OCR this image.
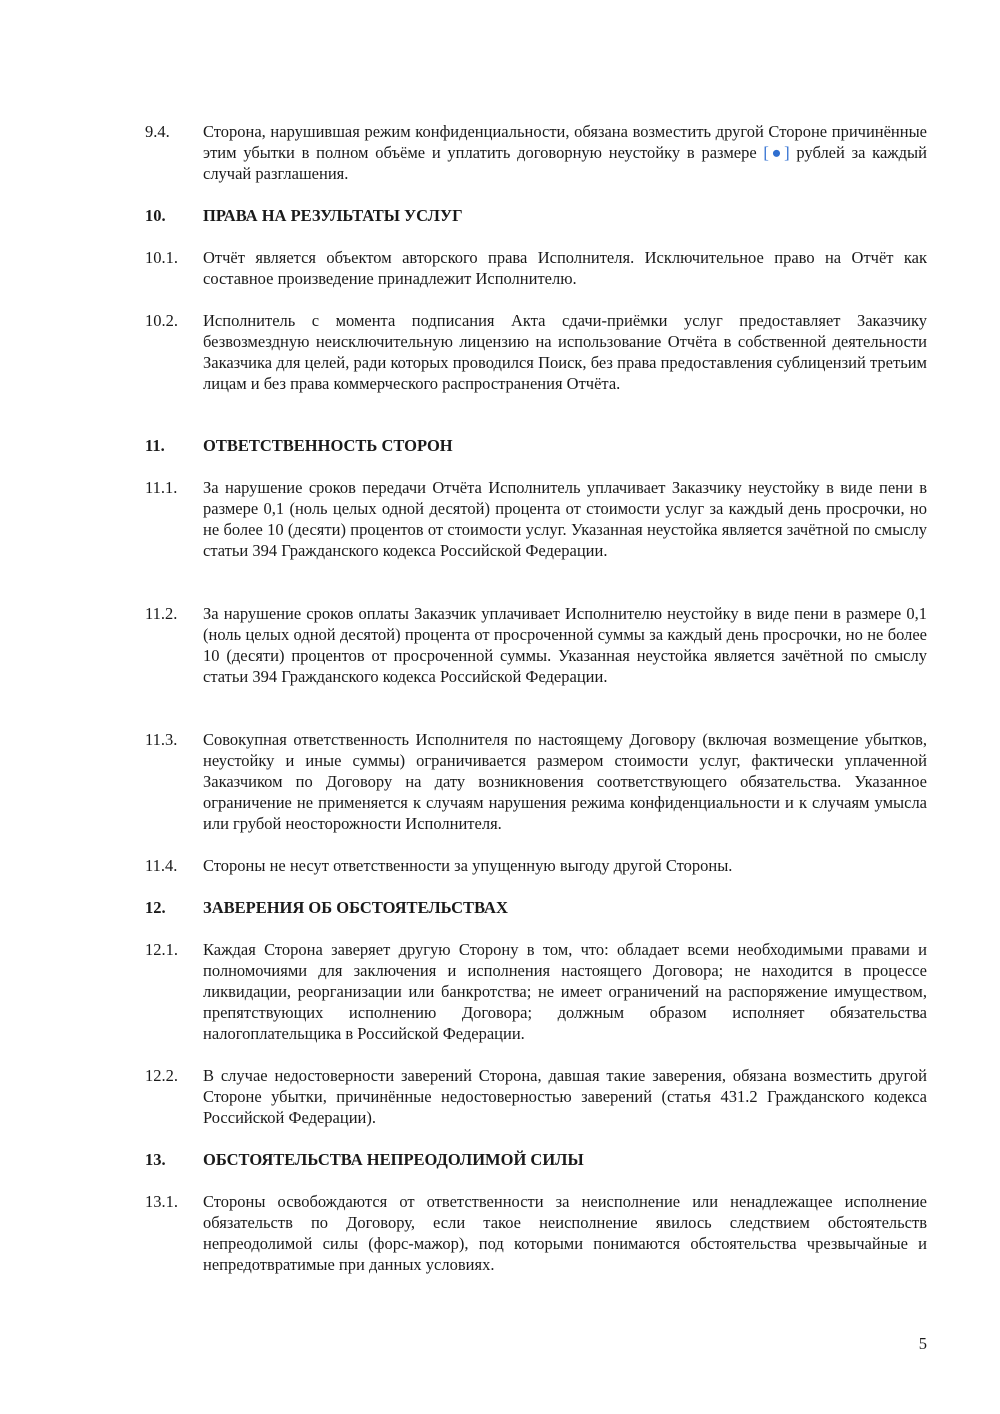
9.4.	Сторона, нарушившая режим конфиденциальности, обязана возместить другой Стороне причинённые этим убытки в полном объёме и уплатить договорную неустойку в размере [●] рублей за каждый случай разглашения.
10.	ПРАВА НА РЕЗУЛЬТАТЫ УСЛУГ
10.1.	Отчёт является объектом авторского права Исполнителя. Исключительное право на Отчёт как составное произведение принадлежит Исполнителю.
10.2.	Исполнитель с момента подписания Акта сдачи-приёмки услуг предоставляет Заказчику безвозмездную неисключительную лицензию на использование Отчёта в собственной деятельности Заказчика для целей, ради которых проводился Поиск, без права предоставления сублицензий третьим лицам и без права коммерческого распространения Отчёта.
11.	ОТВЕТСТВЕННОСТЬ СТОРОН
11.1.	За нарушение сроков передачи Отчёта Исполнитель уплачивает Заказчику неустойку в виде пени в размере 0,1 (ноль целых одной десятой) процента от стоимости услуг за каждый день просрочки, но не более 10 (десяти) процентов от стоимости услуг. Указанная неустойка является зачётной по смыслу статьи 394 Гражданского кодекса Российской Федерации.
11.2.	За нарушение сроков оплаты Заказчик уплачивает Исполнителю неустойку в виде пени в размере 0,1 (ноль целых одной десятой) процента от просроченной суммы за каждый день просрочки, но не более 10 (десяти) процентов от просроченной суммы. Указанная неустойка является зачётной по смыслу статьи 394 Гражданского кодекса Российской Федерации.
11.3.	Совокупная ответственность Исполнителя по настоящему Договору (включая возмещение убытков, неустойку и иные суммы) ограничивается размером стоимости услуг, фактически уплаченной Заказчиком по Договору на дату возникновения соответствующего обязательства. Указанное ограничение не применяется к случаям нарушения режима конфиденциальности и к случаям умысла или грубой неосторожности Исполнителя.
11.4.	Стороны не несут ответственности за упущенную выгоду другой Стороны.
12.	ЗАВЕРЕНИЯ ОБ ОБСТОЯТЕЛЬСТВАХ
12.1.	Каждая Сторона заверяет другую Сторону в том, что: обладает всеми необходимыми правами и полномочиями для заключения и исполнения настоящего Договора; не находится в процессе ликвидации, реорганизации или банкротства; не имеет ограничений на распоряжение имуществом, препятствующих исполнению Договора; должным образом исполняет обязательства налогоплательщика в Российской Федерации.
12.2.	В случае недостоверности заверений Сторона, давшая такие заверения, обязана возместить другой Стороне убытки, причинённые недостоверностью заверений (статья 431.2 Гражданского кодекса Российской Федерации).
13.	ОБСТОЯТЕЛЬСТВА НЕПРЕОДОЛИМОЙ СИЛЫ
13.1.	Стороны освобождаются от ответственности за неисполнение или ненадлежащее исполнение обязательств по Договору, если такое неисполнение явилось следствием обстоятельств непреодолимой силы (форс-мажор), под которыми понимаются обстоятельства чрезвычайные и непредотвратимые при данных условиях.
5
